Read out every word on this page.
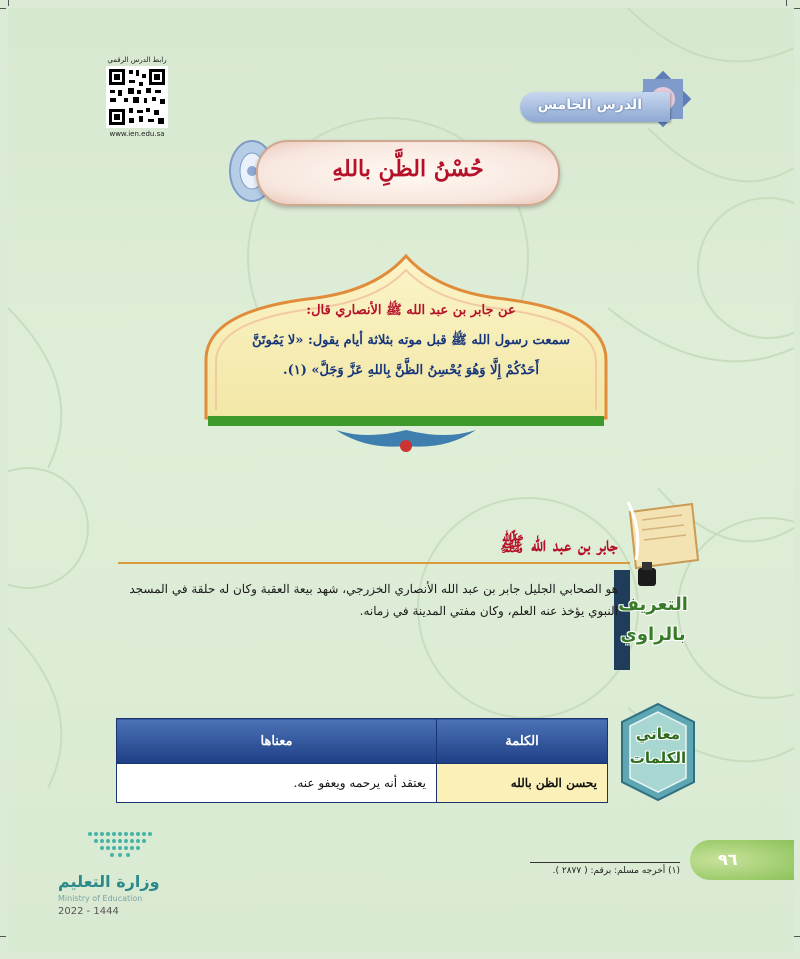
رابط الدرس الرقمي
www.ien.edu.sa
الدرس الخامس
حُسْنُ الظَّنِ باللهِ
عن جابر بن عبد الله ﷺ الأنصاري قال:
سمعت رسول الله ﷺ قبل موته بثلاثة أيام يقول: «لا يَمُوتَنَّ
أَحَدُكُمْ إِلَّا وَهُوَ يُحْسِنُ الظَّنَّ بِاللهِ عَزَّ وَجَلَّ» (١).
جابر بن عبد الله ﷺ
التعريف
بالراوي
هو الصحابي الجليل جابر بن عبد الله الأنصاري الخزرجي، شهد بيعة العقبة وكان له حلقة في المسجد النبوي يؤخذ عنه العلم، وكان مفتي المدينة في زمانه.
معاني
الكلمات
الكلمة	معناها
يحسن الظن بالله	يعتقد أنه يرحمه ويعفو عنه.
(١) أخرجه مسلم: برقم: ( ٢٨٧٧ ).
٩٦
وزارة التعليم
Ministry of Education
2022 - 1444
